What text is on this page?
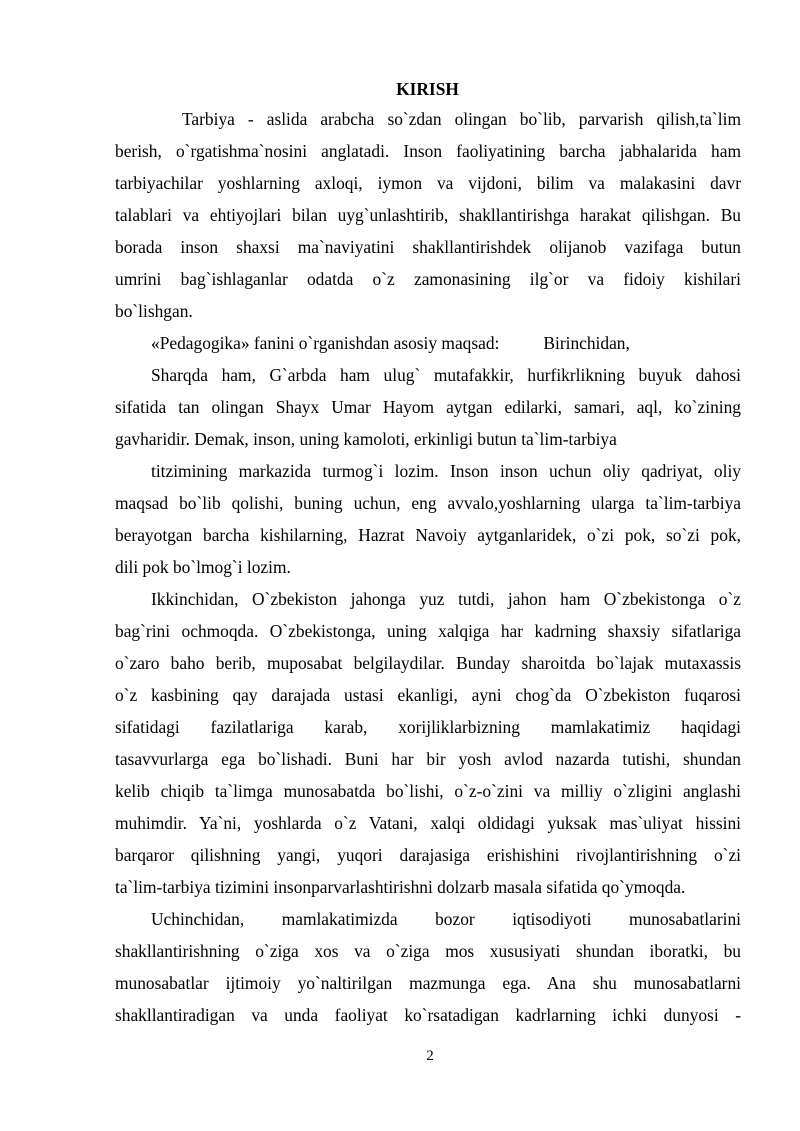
KIRISH
Tarbiya - aslida arabcha so`zdan olingan bo`lib, parvarish qilish,ta`lim
berish, o`rgatishma`nosini anglatadi. Inson faoliyatining barcha jabhalarida ham
tarbiyachilar yoshlarning axloqi, iymon va vijdoni, bilim va malakasini davr
talablari va ehtiyojlari bilan uyg`unlashtirib, shakllantirishga harakat qilishgan. Bu
borada inson shaxsi ma`naviyatini shakllantirishdek olijanob vazifaga butun
umrini bag`ishlaganlar odatda o`z zamonasining ilg`or va fidoiy kishilari
bo`lishgan.
«Pedagogika» fanini o`rganishdan asosiy maqsad:	Birinchidan,
Sharqda ham, G`arbda ham ulug` mutafakkir, hurfikrlikning buyuk dahosi
sifatida tan olingan Shayx Umar Hayom aytgan edilarki, samari, aql, ko`zining
gavharidir. Demak, inson, uning kamoloti, erkinligi butun ta`lim-tarbiya
titzimining markazida turmog`i lozim. Inson inson uchun oliy qadriyat, oliy
maqsad bo`lib qolishi, buning uchun, eng avvalo,yoshlarning ularga ta`lim-tarbiya
berayotgan barcha kishilarning, Hazrat Navoiy aytganlaridek, o`zi pok, so`zi pok,
dili pok bo`lmog`i lozim.
Ikkinchidan, O`zbekiston jahonga yuz tutdi, jahon ham O`zbekistonga o`z
bag`rini ochmoqda. O`zbekistonga, uning xalqiga har kadrning shaxsiy sifatlariga
o`zaro baho berib, muposabat belgilaydilar. Bunday sharoitda bo`lajak mutaxassis
o`z kasbining qay darajada ustasi ekanligi, ayni chog`da O`zbekiston fuqarosi
sifatidagi fazilatlariga karab, xorijliklarbizning mamlakatimiz haqidagi
tasavvurlarga ega bo`lishadi. Buni har bir yosh avlod nazarda tutishi, shundan
kelib chiqib ta`limga munosabatda bo`lishi, o`z-o`zini va milliy o`zligini anglashi
muhimdir. Ya`ni, yoshlarda o`z Vatani, xalqi oldidagi yuksak mas`uliyat hissini
barqaror qilishning yangi, yuqori darajasiga erishishini rivojlantirishning o`zi
ta`lim-tarbiya tizimini insonparvarlashtirishni dolzarb masala sifatida qo`ymoqda.
Uchinchidan, mamlakatimizda bozor iqtisodiyoti munosabatlarini
shakllantirishning o`ziga xos va o`ziga mos xususiyati shundan iboratki, bu
munosabatlar ijtimoiy yo`naltirilgan mazmunga ega. Ana shu munosabatlarni
shakllantiradigan va unda faoliyat ko`rsatadigan kadrlarning ichki dunyosi -
2
